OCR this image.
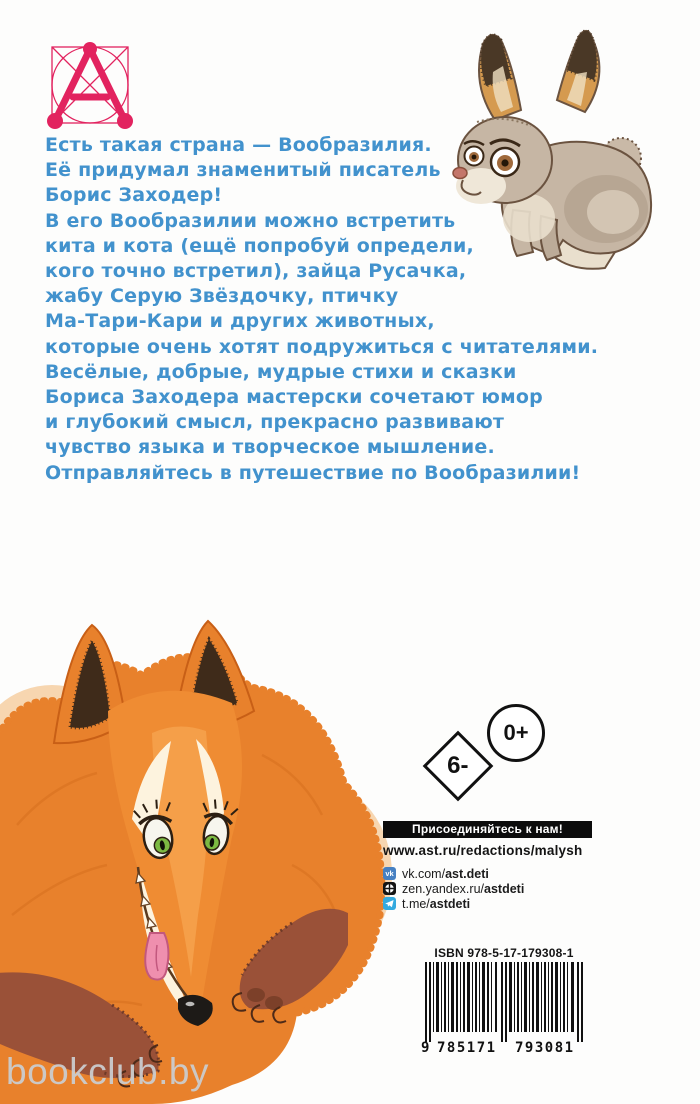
Есть такая страна — Вообразилия.
Её придумал знаменитый писатель
Борис Заходер!
В его Вообразилии можно встретить
кита и кота (ещё попробуй определи,
кого точно встретил), зайца Русачка,
жабу Серую Звёздочку, птичку
Ма-Тари-Кари и других животных,
которые очень хотят подружиться с читателями.
Весёлые, добрые, мудрые стихи и сказки
Бориса Заходера мастерски сочетают юмор
и глубокий смысл, прекрасно развивают
чувство языка и творческое мышление.
Отправляйтесь в путешествие по Вообразилии!
0+
6-
Присоединяйтесь к нам!
www.ast.ru/redactions/malysh
vk vk.com/ast.deti
zen.yandex.ru/astdeti
t.me/astdeti
ISBN 978-5-17-179308-1
9 785171 793081
bookclub.by
